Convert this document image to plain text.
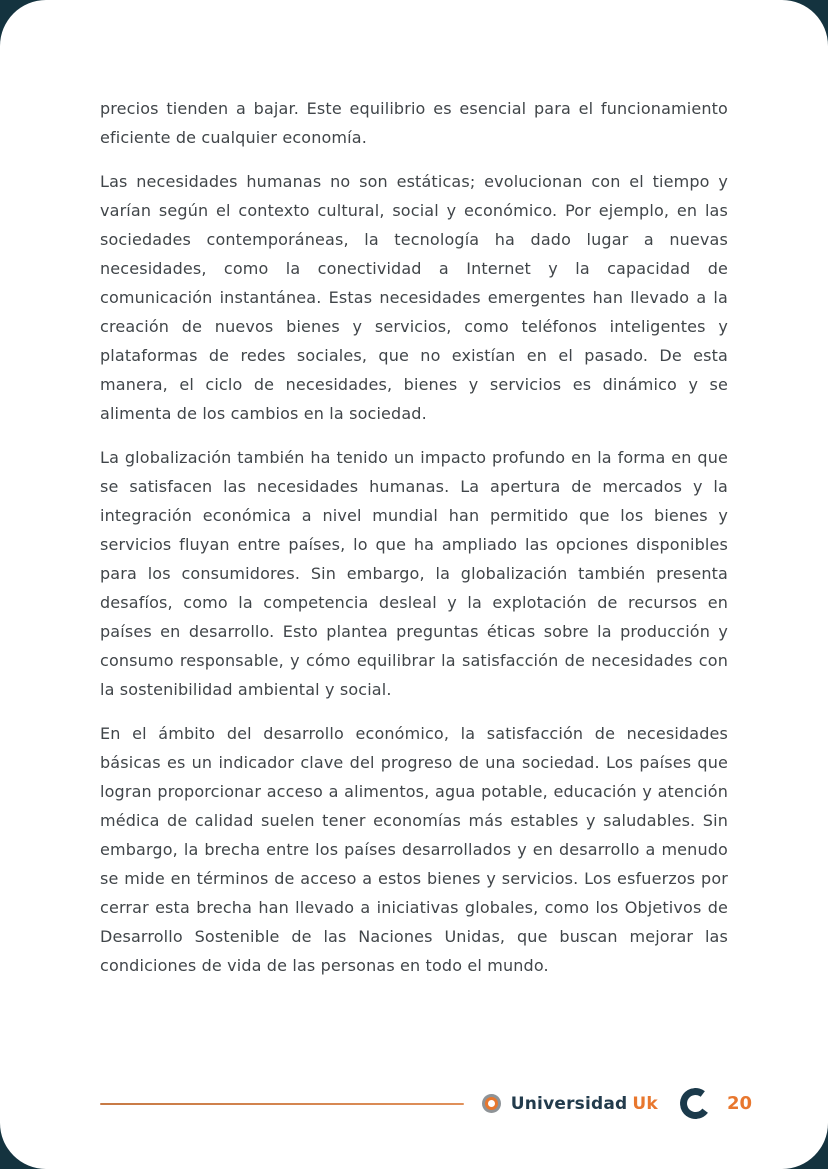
precios tienden a bajar. Este equilibrio es esencial para el funcionamiento eficiente de cualquier economía.

Las necesidades humanas no son estáticas; evolucionan con el tiempo y varían según el contexto cultural, social y económico. Por ejemplo, en las sociedades contemporáneas, la tecnología ha dado lugar a nuevas necesidades, como la conectividad a Internet y la capacidad de comunicación instantánea. Estas necesidades emergentes han llevado a la creación de nuevos bienes y servicios, como teléfonos inteligentes y plataformas de redes sociales, que no existían en el pasado. De esta manera, el ciclo de necesidades, bienes y servicios es dinámico y se alimenta de los cambios en la sociedad.

La globalización también ha tenido un impacto profundo en la forma en que se satisfacen las necesidades humanas. La apertura de mercados y la integración económica a nivel mundial han permitido que los bienes y servicios fluyan entre países, lo que ha ampliado las opciones disponibles para los consumidores. Sin embargo, la globalización también presenta desafíos, como la competencia desleal y la explotación de recursos en países en desarrollo. Esto plantea preguntas éticas sobre la producción y consumo responsable, y cómo equilibrar la satisfacción de necesidades con la sostenibilidad ambiental y social.

En el ámbito del desarrollo económico, la satisfacción de necesidades básicas es un indicador clave del progreso de una sociedad. Los países que logran proporcionar acceso a alimentos, agua potable, educación y atención médica de calidad suelen tener economías más estables y saludables. Sin embargo, la brecha entre los países desarrollados y en desarrollo a menudo se mide en términos de acceso a estos bienes y servicios. Los esfuerzos por cerrar esta brecha han llevado a iniciativas globales, como los Objetivos de Desarrollo Sostenible de las Naciones Unidas, que buscan mejorar las condiciones de vida de las personas en todo el mundo.

Universidad Uk	20
